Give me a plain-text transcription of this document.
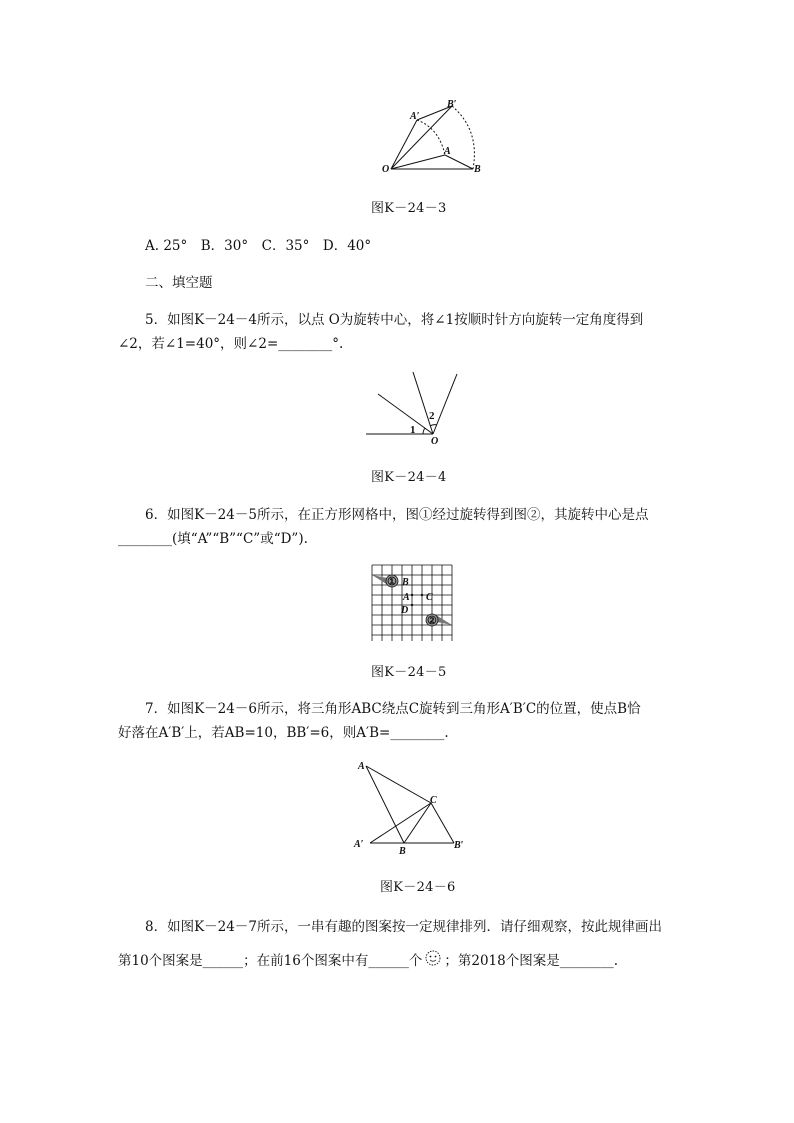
A′
B′
O
A
B
图K－24－3
A. 25°　B．30°　C．35°　D．40°
二、填空题
5．如图K－24－4所示，以点 O为旋转中心，将∠1按顺时针方向旋转一定角度得到
∠2，若∠1=40°，则∠2=________°.
1
2
O
图K－24－4
6．如图K－24－5所示，在正方形网格中，图①经过旋转得到图②，其旋转中心是点
________(填“A”“B”“C”或“D”).
①
②
B
A C
D
图K－24－5
7．如图K－24－6所示，将三角形ABC绕点C旋转到三角形A′B′C的位置，使点B恰
好落在A′B′上，若AB=10，BB′=6，则A′B=________.
A
C
A′
B
B′
图K－24－6
8．如图K－24－7所示，一串有趣的图案按一定规律排列．请仔细观察，按此规律画出
第10个图案是______；在前16个图案中有______个 ；第2018个图案是________.
